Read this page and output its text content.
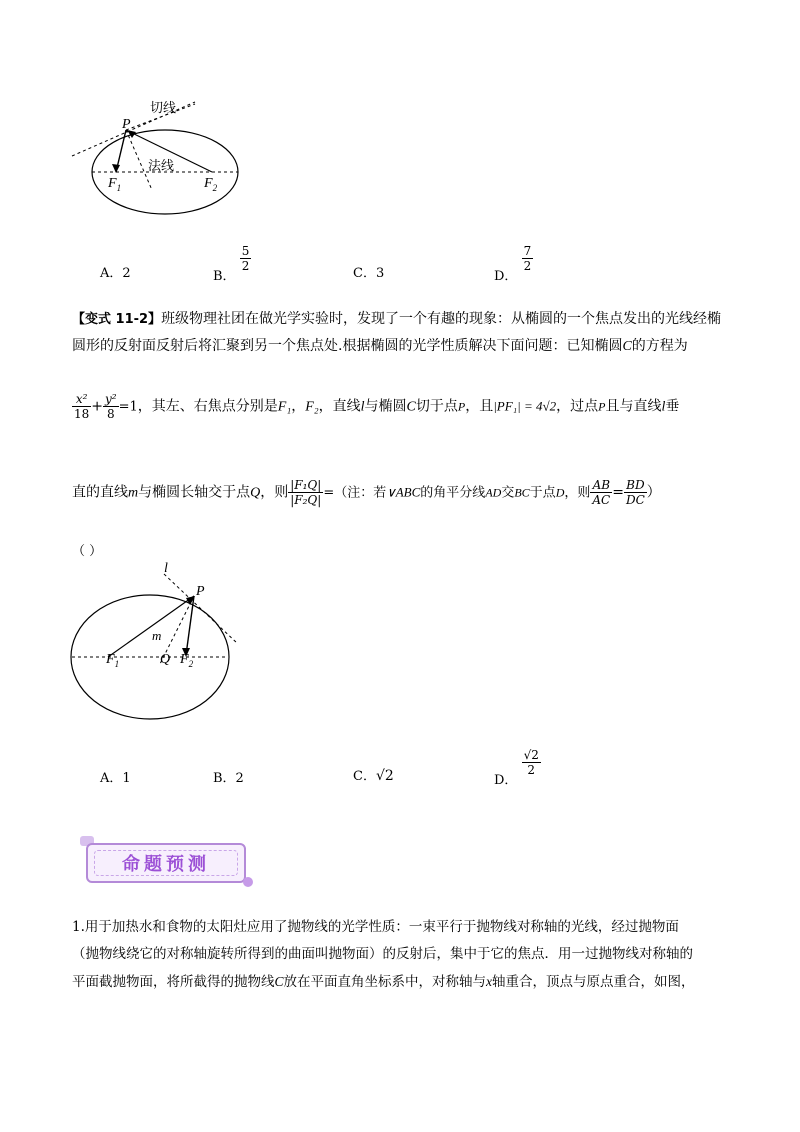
切线
P
法线
$F_1$	$F_2$
A．2	B．
$\frac{5}{2}$
C．3	D．
$\frac{7}{2}$
【变式 11-2】班级物理社团在做光学实验时，发现了一个有趣的现象：从椭圆的一个焦点发出的光线经椭
圆形的反射面反射后将汇聚到另一个焦点处.根据椭圆的光学性质解决下面问题：已知椭圆C的方程为
$\frac{\text{x²}}{18} + \frac{\text{y²}}{8} =1$，其左、右焦点分别是F₁，F₂，直线l与椭圆C切于点P，且|PF₁| = 4√2，过点P且与直线l垂
直的直线m与椭圆长轴交于点Q，则 $\frac{\text{|F₁Q|}}{\text{|F₂Q|}}$ =（注：若∨ABC的角平分线AD交BC于点D，则 $\frac{AB}{AC} = \frac{BD}{DC}$ ）
（ ）
l
P
m
$F_1$	Q $F_2$
A．1	B．2	C．√2	D．
$\frac{√2}{2}$
命题预测
1.用于加热水和食物的太阳灶应用了抛物线的光学性质：一束平行于抛物线对称轴的光线，经过抛物面
（抛物线绕它的对称轴旋转所得到的曲面叫抛物面）的反射后，集中于它的焦点．用一过抛物线对称轴的
平面截抛物面，将所截得的抛物线C放在平面直角坐标系中，对称轴与x轴重合，顶点与原点重合，如图，
